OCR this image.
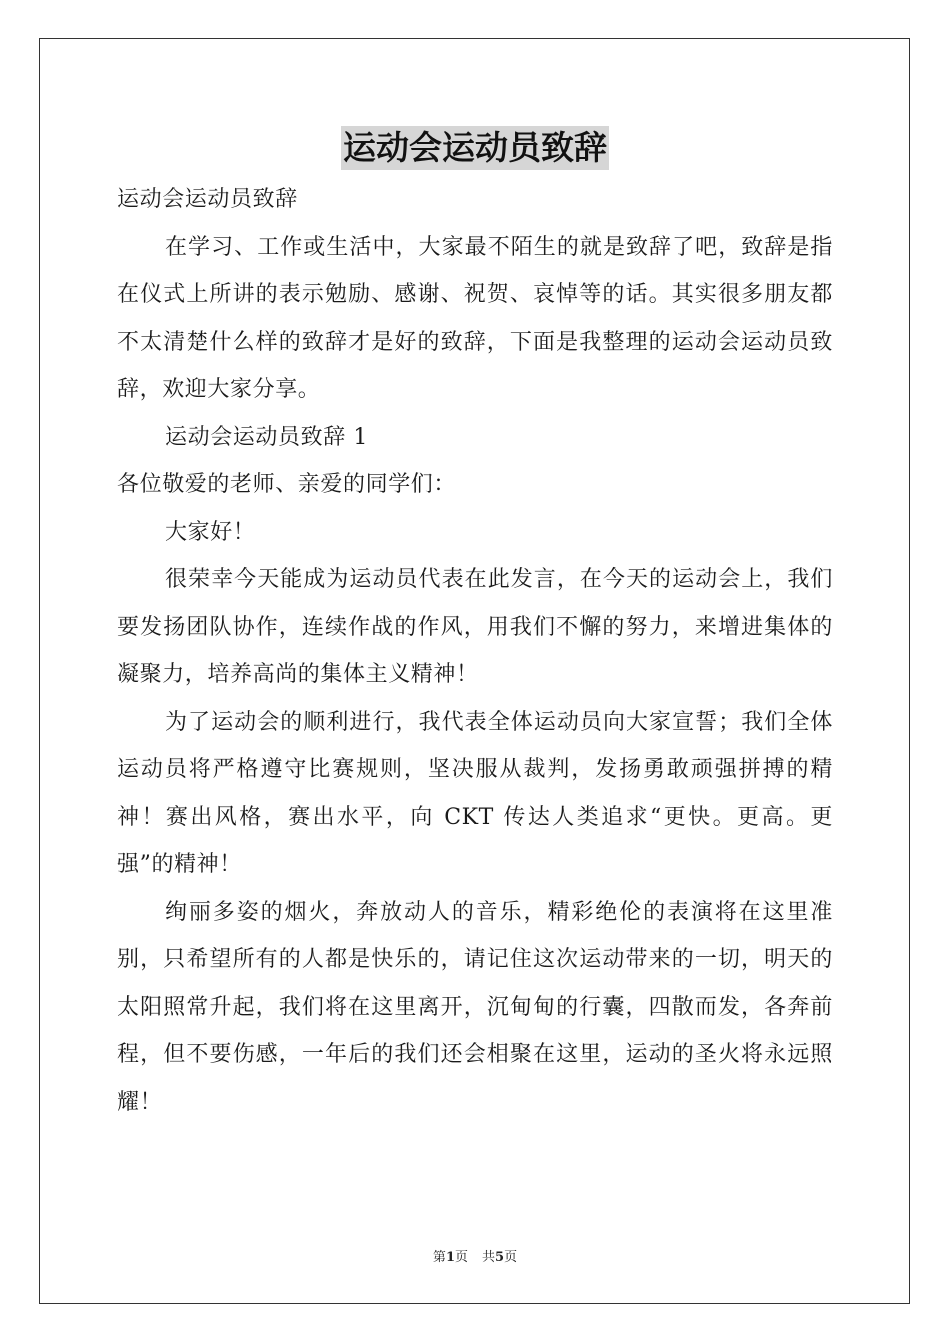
运动会运动员致辞

运动会运动员致辞

在学习、工作或生活中，大家最不陌生的就是致辞了吧，致辞是指在仪式上所讲的表示勉励、感谢、祝贺、哀悼等的话。其实很多朋友都不太清楚什么样的致辞才是好的致辞，下面是我整理的运动会运动员致辞，欢迎大家分享。

运动会运动员致辞 1

各位敬爱的老师、亲爱的同学们：

大家好！

很荣幸今天能成为运动员代表在此发言，在今天的运动会上，我们要发扬团队协作，连续作战的作风，用我们不懈的努力，来增进集体的凝聚力，培养高尚的集体主义精神！

为了运动会的顺利进行，我代表全体运动员向大家宣誓；我们全体运动员将严格遵守比赛规则，坚决服从裁判，发扬勇敢顽强拼搏的精神！赛出风格，赛出水平，向 CKT 传达人类追求“更快。更高。更强”的精神！

绚丽多姿的烟火，奔放动人的音乐，精彩绝伦的表演将在这里准别，只希望所有的人都是快乐的，请记住这次运动带来的一切，明天的太阳照常升起，我们将在这里离开，沉甸甸的行囊，四散而发，各奔前程，但不要伤感，一年后的我们还会相聚在这里，运动的圣火将永远照耀！

第1页 共5页
